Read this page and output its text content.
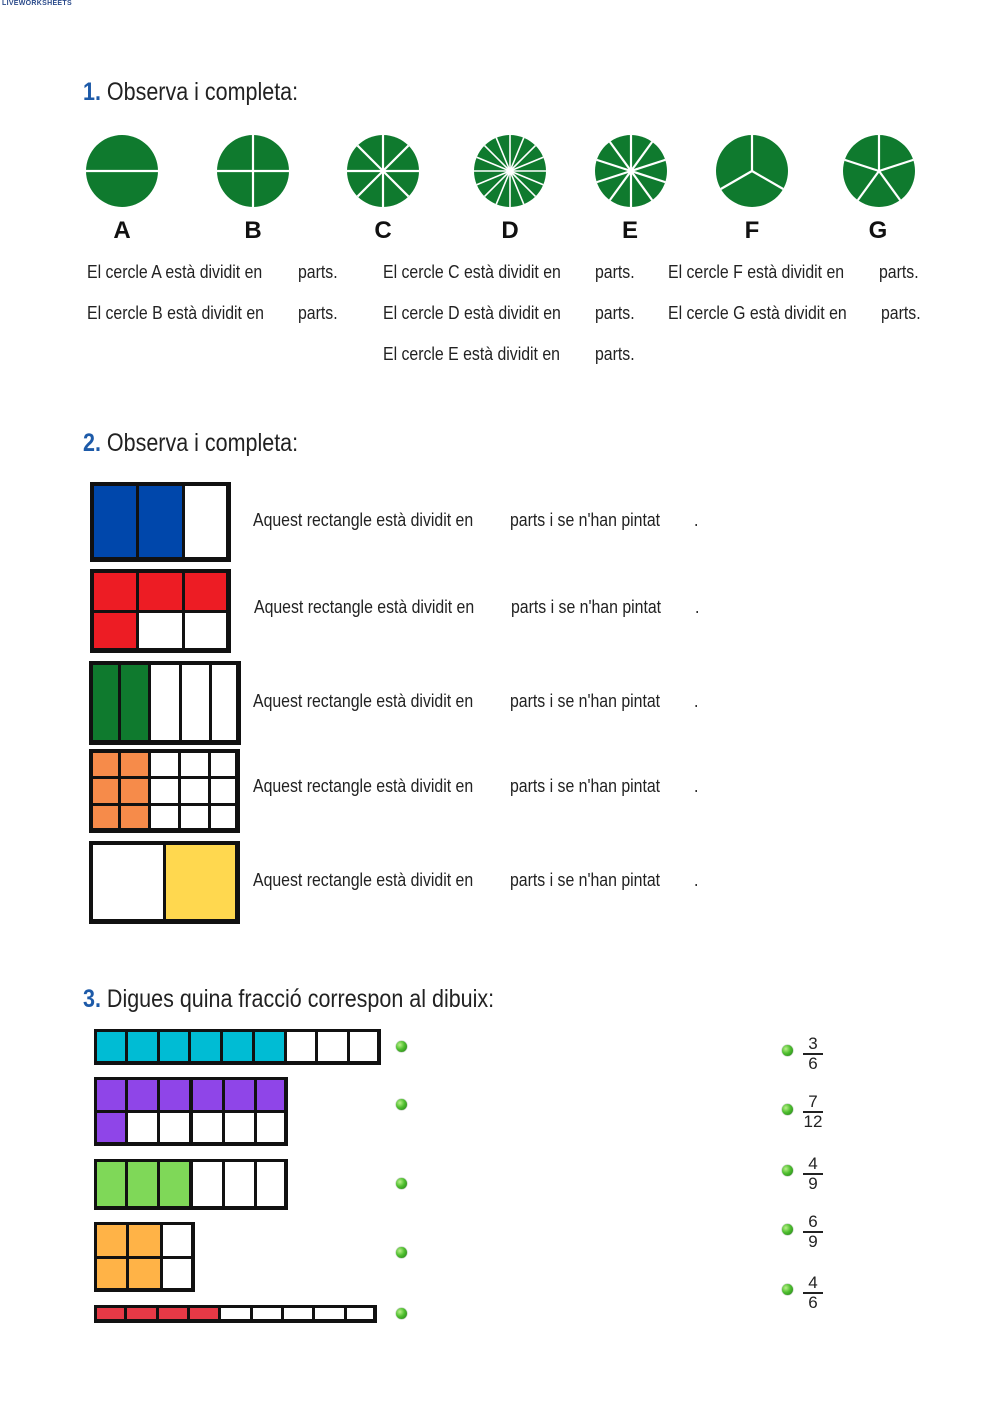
LIVEWORKSHEETS
1. Observa i completa:
A	B	C	D	E	F	G
El cercle A està dividit en parts.
El cercle B està dividit en parts.
El cercle C està dividit en parts.
El cercle D està dividit en parts.
El cercle E està dividit en parts.
El cercle F està dividit en parts.
El cercle G està dividit en parts.
2. Observa i completa:
Aquest rectangle està dividit en parts i se n'han pintat .
Aquest rectangle està dividit en parts i se n'han pintat .
Aquest rectangle està dividit en parts i se n'han pintat .
Aquest rectangle està dividit en parts i se n'han pintat .
Aquest rectangle està dividit en parts i se n'han pintat .
3. Digues quina fracció correspon al dibuix:
3
6
7
12
4
9
6
9
4
6
